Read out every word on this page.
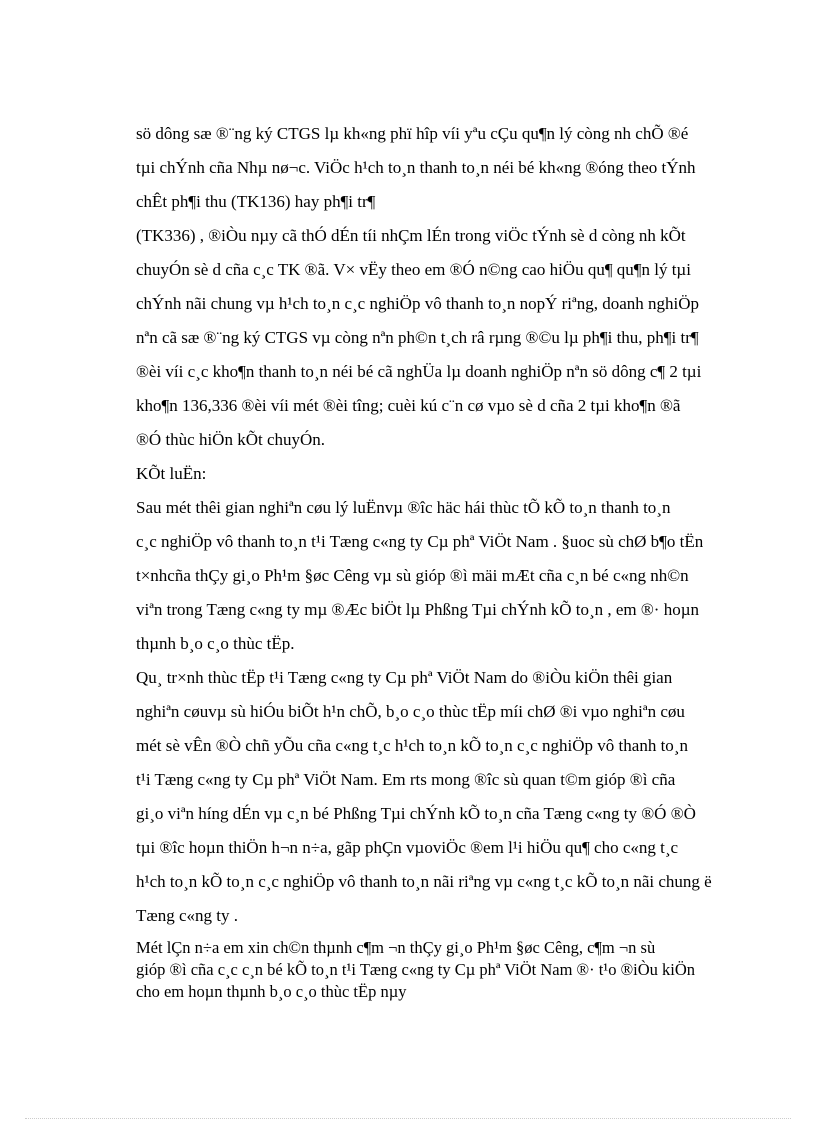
sö dông sæ ®¨ng ký CTGS lµ kh«ng phï hîp víi yªu cÇu qu¶n lý còng nh chÕ ®é
tµi chÝnh cña Nhµ nø¬c. ViÖc h¹ch to¸n thanh to¸n néi bé kh«ng ®óng theo tÝnh
chÊt ph¶i thu (TK136) hay ph¶i tr¶
(TK336) , ®iÒu nµy cã thÓ dÉn tíi nhÇm lÉn trong viÖc tÝnh sè d còng nh kÕt
chuyÓn sè d cña c¸c TK ®ã. V× vËy theo em ®Ó n©ng cao hiÖu qu¶ qu¶n lý tµi
chÝnh nãi chung vµ h¹ch to¸n c¸c nghiÖp vô thanh to¸n nopÝ riªng, doanh nghiÖp
nªn cã sæ ®¨ng ký CTGS vµ còng nªn ph©n t¸ch râ rµng ®©u lµ ph¶i thu, ph¶i tr¶
®èi víi c¸c kho¶n thanh to¸n néi bé cã nghÜa lµ doanh nghiÖp nªn sö dông c¶ 2 tµi
kho¶n 136,336 ®èi víi mét ®èi tîng; cuèi kú c¨n cø vµo sè d cña 2 tµi kho¶n ®ã
®Ó thùc hiÖn kÕt chuyÓn.
KÕt luËn:
Sau mét thêi gian nghiªn cøu lý luËnvµ ®îc häc hái thùc tÕ kÕ to¸n thanh to¸n
c¸c nghiÖp vô thanh to¸n t¹i Tæng c«ng ty Cµ phª ViÖt Nam . §uoc sù chØ b¶o tËn
t×nhcña thÇy gi¸o Ph¹m §øc Cêng vµ sù gióp ®ì mäi mÆt cña c¸n bé c«ng nh©n
viªn trong Tæng c«ng ty mµ ®Æc biÖt lµ Phßng Tµi chÝnh kÕ to¸n , em ®· hoµn
thµnh b¸o c¸o thùc tËp.
Qu¸ tr×nh thùc tËp t¹i Tæng c«ng ty Cµ phª ViÖt Nam do ®iÒu kiÖn thêi gian
nghiªn cøuvµ sù hiÓu biÕt h¹n chÕ, b¸o c¸o thùc tËp míi chØ ®i vµo nghiªn cøu
mét sè vÊn ®Ò chñ yÕu cña c«ng t¸c h¹ch to¸n kÕ to¸n c¸c nghiÖp vô thanh to¸n
t¹i Tæng c«ng ty Cµ phª ViÖt Nam. Em rts mong ®îc sù quan t©m gióp ®ì cña
gi¸o viªn híng dÉn vµ c¸n bé Phßng Tµi chÝnh kÕ to¸n cña Tæng c«ng ty ®Ó ®Ò
tµi ®îc hoµn thiÖn h¬n n÷a, gãp phÇn vµoviÖc ®em l¹i hiÖu qu¶ cho c«ng t¸c
h¹ch to¸n kÕ to¸n c¸c nghiÖp vô thanh to¸n nãi riªng vµ c«ng t¸c kÕ to¸n nãi chung ë
Tæng c«ng ty .
Mét lÇn n÷a em xin ch©n thµnh c¶m ¬n thÇy gi¸o Ph¹m §øc Cêng, c¶m ¬n sù
gióp ®ì cña c¸c c¸n bé kÕ to¸n t¹i Tæng c«ng ty Cµ phª ViÖt Nam ®· t¹o ®iÒu kiÖn
cho em hoµn thµnh b¸o c¸o thùc tËp nµy
